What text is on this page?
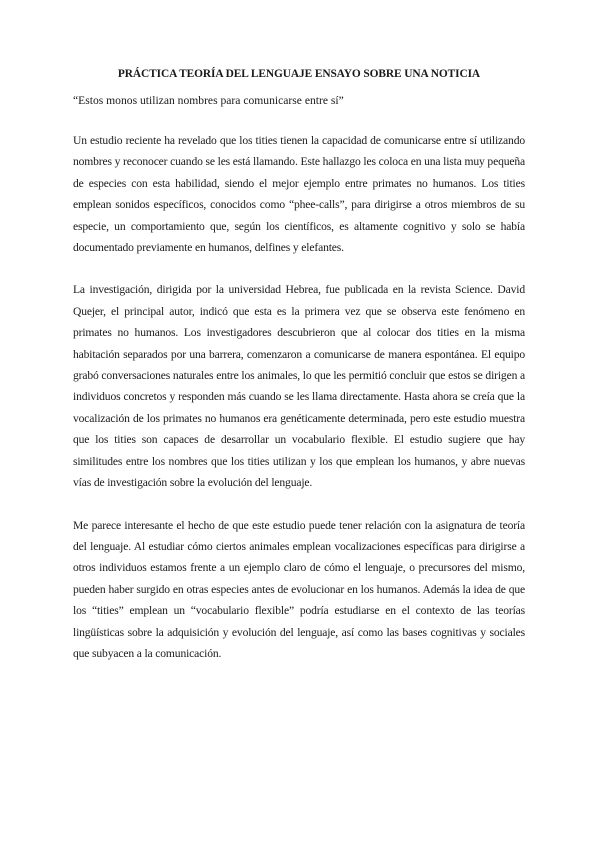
PRÁCTICA TEORÍA DEL LENGUAJE ENSAYO SOBRE UNA NOTICIA

“Estos monos utilizan nombres para comunicarse entre sí”

Un estudio reciente ha revelado que los tities tienen la capacidad de comunicarse entre sí utilizando nombres y reconocer cuando se les está llamando. Este hallazgo les coloca en una lista muy pequeña de especies con esta habilidad, siendo el mejor ejemplo entre primates no humanos. Los tities emplean sonidos específicos, conocidos como “phee-calls”, para dirigirse a otros miembros de su especie, un comportamiento que, según los científicos, es altamente cognitivo y solo se había documentado previamente en humanos, delfines y elefantes.

La investigación, dirigida por la universidad Hebrea, fue publicada en la revista Science. David Quejer, el principal autor, indicó que esta es la primera vez que se observa este fenómeno en primates no humanos. Los investigadores descubrieron que al colocar dos tities en la misma habitación separados por una barrera, comenzaron a comunicarse de manera espontánea. El equipo grabó conversaciones naturales entre los animales, lo que les permitió concluir que estos se dirigen a individuos concretos y responden más cuando se les llama directamente. Hasta ahora se creía que la vocalización de los primates no humanos era genéticamente determinada, pero este estudio muestra que los tities son capaces de desarrollar un vocabulario flexible. El estudio sugiere que hay similitudes entre los nombres que los tities utilizan y los que emplean los humanos, y abre nuevas vías de investigación sobre la evolución del lenguaje.

Me parece interesante el hecho de que este estudio puede tener relación con la asignatura de teoría del lenguaje. Al estudiar cómo ciertos animales emplean vocalizaciones específicas para dirigirse a otros individuos estamos frente a un ejemplo claro de cómo el lenguaje, o precursores del mismo, pueden haber surgido en otras especies antes de evolucionar en los humanos. Además la idea de que los “tities” emplean un “vocabulario flexible” podría estudiarse en el contexto de las teorías lingüísticas sobre la adquisición y evolución del lenguaje, así como las bases cognitivas y sociales que subyacen a la comunicación.
